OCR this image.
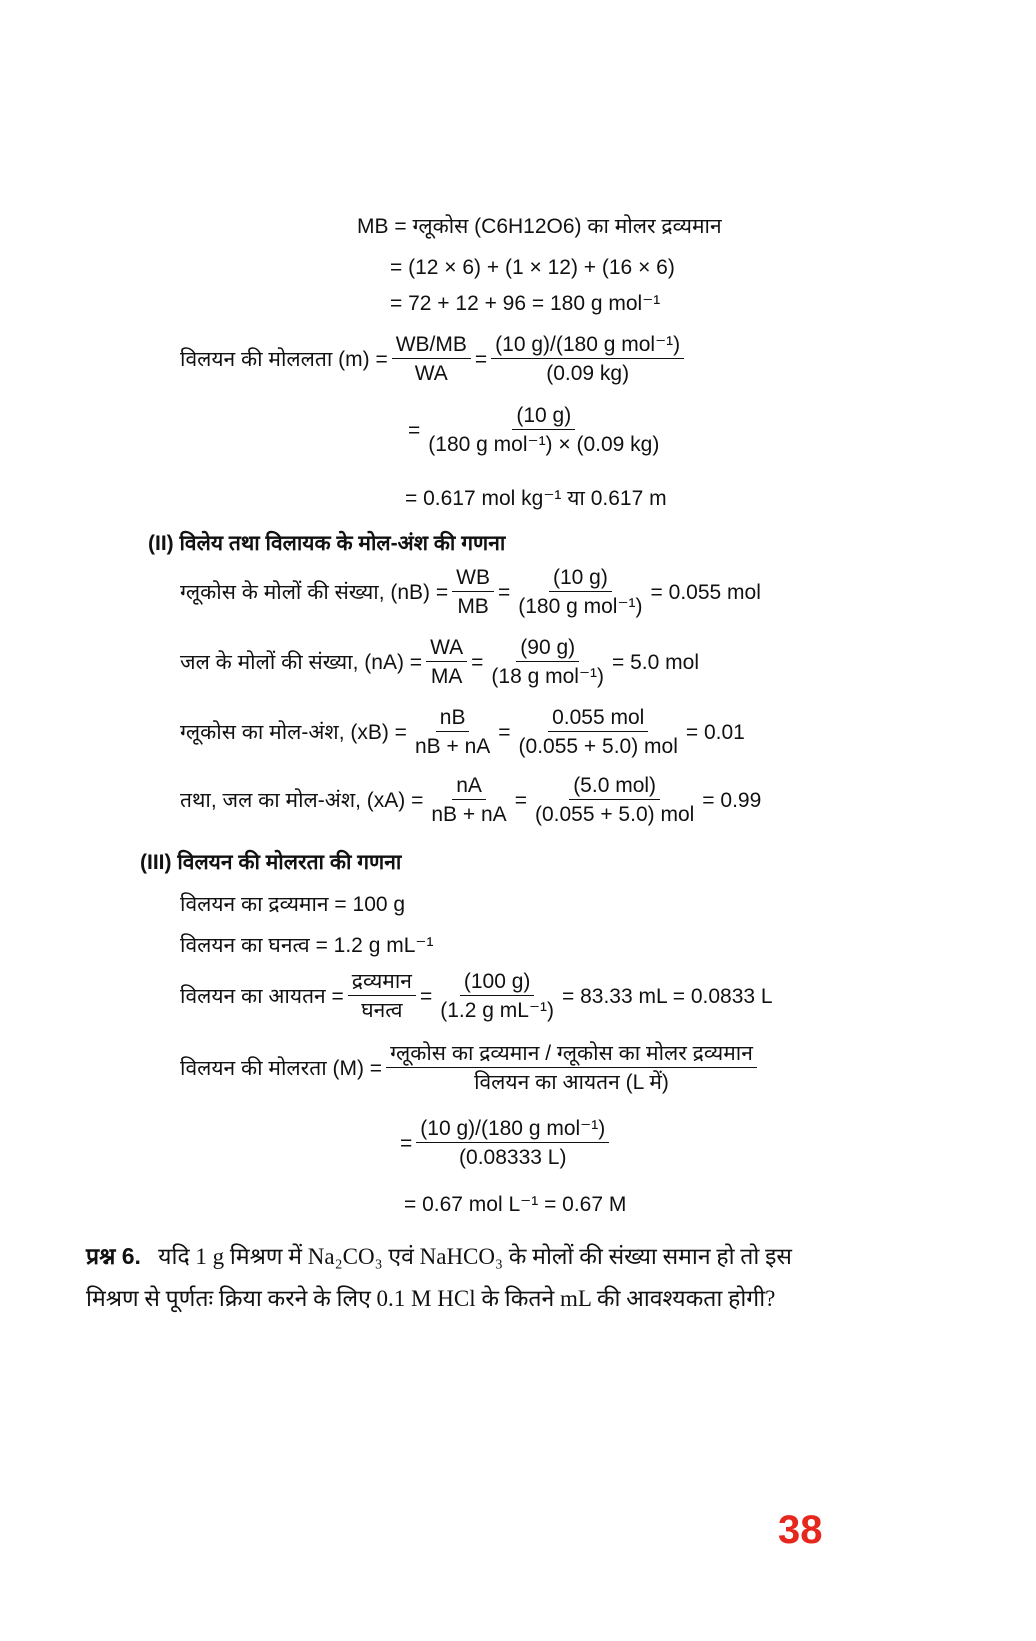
MB = ग्लूकोस (C6H12O6) का मोलर द्रव्यमान
= (12 × 6) + (1 × 12) + (16 × 6)
= 72 + 12 + 96 = 180 g mol⁻¹
विलयन की मोललता $(m) = \frac{WB/MB}{WA} = \frac{\text{(10 g)/(180 g mol⁻¹)}}{(0.09 kg)}$
= $\frac{(10 g)}{\text{(180 g mol⁻¹) × (0.09 kg)}}$
= 0.617 mol kg⁻¹ या 0.617 m
(II) विलेय तथा विलायक के मोल-अंश की गणना
ग्लूकोस के मोलों की संख्या, $(nB) = \frac{WB}{MB} = \frac{(10 g)}{\text{(180 g mol⁻¹)}} = 0.055$ mol
जल के मोलों की संख्या, $(nA) = \frac{WA}{MA} = \frac{(90 g)}{\text{(18 g mol⁻¹)}} = 5.0$ mol
ग्लूकोस का मोल-अंश, $(xB) = \frac{nB}{nB + nA} = \frac{\text{0.055 mol}}{\text{(0.055 + 5.0) mol}} = 0.01$
तथा, जल का मोल-अंश, $(xA) = \frac{nA}{nB + nA} = \frac{\text{(5.0 mol)}}{\text{(0.055 + 5.0) mol}} = 0.99$
(III) विलयन की मोलरता की गणना
विलयन का द्रव्यमान = 100 g
विलयन का घनत्व = 1.2 g mL⁻¹
विलयन का आयतन = $\frac{\text{द्रव्यमान}}{\text{घनत्व}} = \frac{(100 g)}{\text{(1.2 g mL⁻¹)}} = 83.33$ mL = 0.0833 L
विलयन की मोलरता $(M) = \frac{\text{ग्लूकोस का द्रव्यमान / ग्लूकोस का मोलर द्रव्यमान}}{\text{विलयन का आयतन (L में)}}$
= $\frac{\text{(10 g)/(180 g mol⁻¹)}}{(0.08333 L)}$
= 0.67 mol L⁻¹ = 0.67 M
प्रश्न 6. यदि 1 g मिश्रण में Na₂CO₃ एवं NaHCO₃ के मोलों की संख्या समान हो तो इस
मिश्रण से पूर्णतः क्रिया करने के लिए 0.1 M HCl के कितने mL की आवश्यकता होगी?
38
